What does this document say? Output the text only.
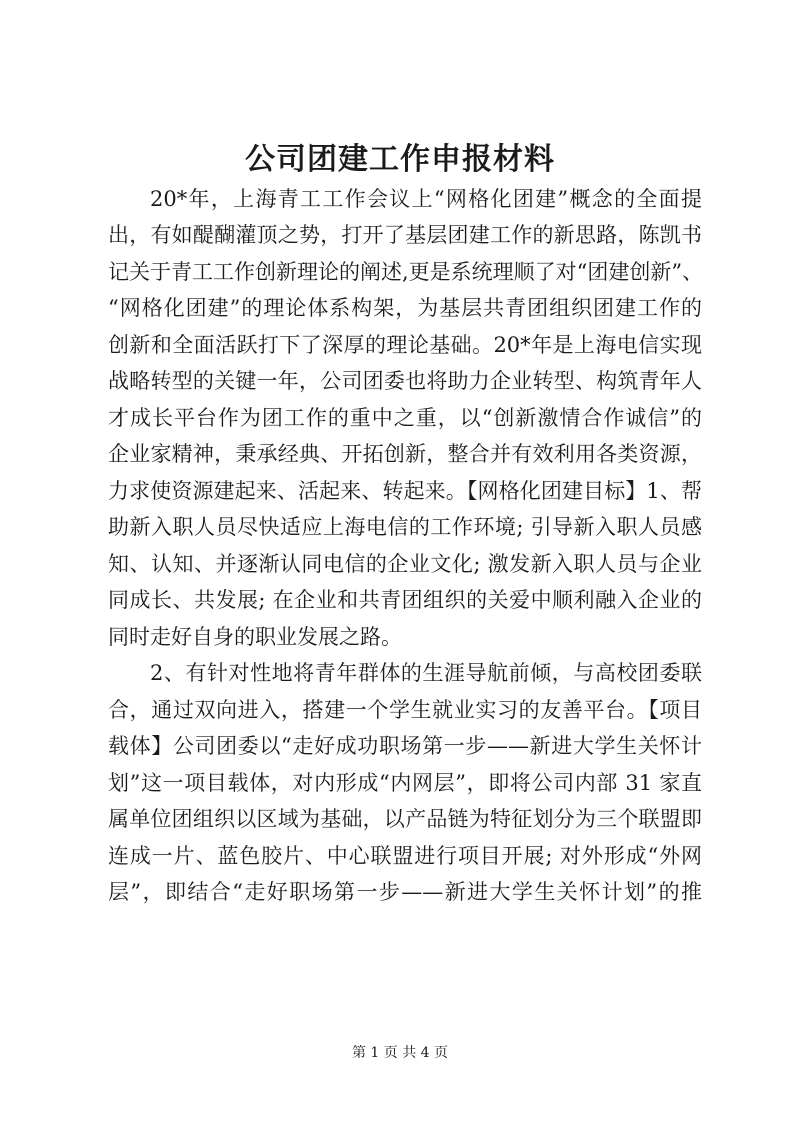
公司团建工作申报材料

20*年，上海青工工作会议上“网格化团建”概念的全面提

出，有如醍醐灌顶之势，打开了基层团建工作的新思路，陈凯书

记关于青工工作创新理论的阐述,更是系统理顺了对“团建创新”、

“网格化团建”的理论体系构架，为基层共青团组织团建工作的

创新和全面活跃打下了深厚的理论基础。20*年是上海电信实现

战略转型的关键一年，公司团委也将助力企业转型、构筑青年人

才成长平台作为团工作的重中之重，以“创新激情合作诚信”的

企业家精神，秉承经典、开拓创新，整合并有效利用各类资源，

力求使资源建起来、活起来、转起来。【网格化团建目标】1、帮

助新入职人员尽快适应上海电信的工作环境; 引导新入职人员感

知、认知、并逐渐认同电信的企业文化; 激发新入职人员与企业

同成长、共发展; 在企业和共青团组织的关爱中顺利融入企业的

同时走好自身的职业发展之路。

2、有针对性地将青年群体的生涯导航前倾，与高校团委联

合，通过双向进入，搭建一个学生就业实习的友善平台。【项目

载体】公司团委以“走好成功职场第一步——新进大学生关怀计

划”这一项目载体，对内形成“内网层”，即将公司内部 31 家直

属单位团组织以区域为基础，以产品链为特征划分为三个联盟即

连成一片、蓝色胶片、中心联盟进行项目开展; 对外形成“外网

层”，即结合“走好职场第一步——新进大学生关怀计划”的推

第 1 页 共 4 页
